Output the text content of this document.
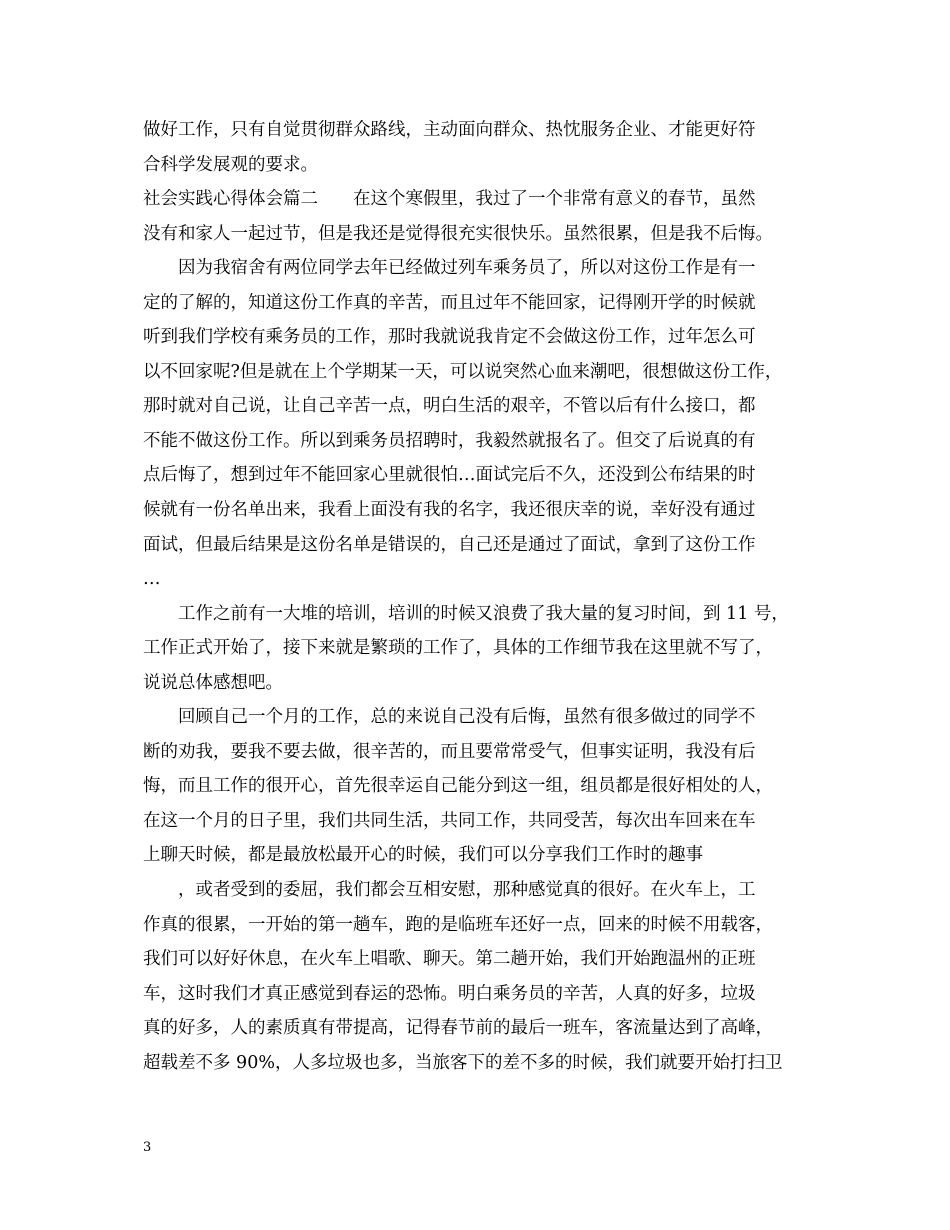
做好工作，只有自觉贯彻群众路线，主动面向群众、热忱服务企业、才能更好符
合科学发展观的要求。
社会实践心得体会篇二　　在这个寒假里，我过了一个非常有意义的春节，虽然
没有和家人一起过节，但是我还是觉得很充实很快乐。虽然很累，但是我不后悔。
　　因为我宿舍有两位同学去年已经做过列车乘务员了，所以对这份工作是有一
定的了解的，知道这份工作真的辛苦，而且过年不能回家，记得刚开学的时候就
听到我们学校有乘务员的工作，那时我就说我肯定不会做这份工作，过年怎么可
以不回家呢?但是就在上个学期某一天，可以说突然心血来潮吧，很想做这份工作，
那时就对自己说，让自己辛苦一点，明白生活的艰辛，不管以后有什么接口，都
不能不做这份工作。所以到乘务员招聘时，我毅然就报名了。但交了后说真的有
点后悔了，想到过年不能回家心里就很怕…面试完后不久，还没到公布结果的时
候就有一份名单出来，我看上面没有我的名字，我还很庆幸的说，幸好没有通过
面试，但最后结果是这份名单是错误的，自己还是通过了面试，拿到了这份工作
…
　　工作之前有一大堆的培训，培训的时候又浪费了我大量的复习时间，到 11 号，
工作正式开始了，接下来就是繁琐的工作了，具体的工作细节我在这里就不写了，
说说总体感想吧。
　　回顾自己一个月的工作，总的来说自己没有后悔，虽然有很多做过的同学不
断的劝我，要我不要去做，很辛苦的，而且要常常受气，但事实证明，我没有后
悔，而且工作的很开心，首先很幸运自己能分到这一组，组员都是很好相处的人，
在这一个月的日子里，我们共同生活，共同工作，共同受苦，每次出车回来在车
上聊天时候，都是最放松最开心的时候，我们可以分享我们工作时的趣事
　　，或者受到的委屈，我们都会互相安慰，那种感觉真的很好。在火车上，工
作真的很累，一开始的第一趟车，跑的是临班车还好一点，回来的时候不用载客，
我们可以好好休息，在火车上唱歌、聊天。第二趟开始，我们开始跑温州的正班
车，这时我们才真正感觉到春运的恐怖。明白乘务员的辛苦，人真的好多，垃圾
真的好多，人的素质真有带提高，记得春节前的最后一班车，客流量达到了高峰，
超载差不多 90%，人多垃圾也多，当旅客下的差不多的时候，我们就要开始打扫卫
3
